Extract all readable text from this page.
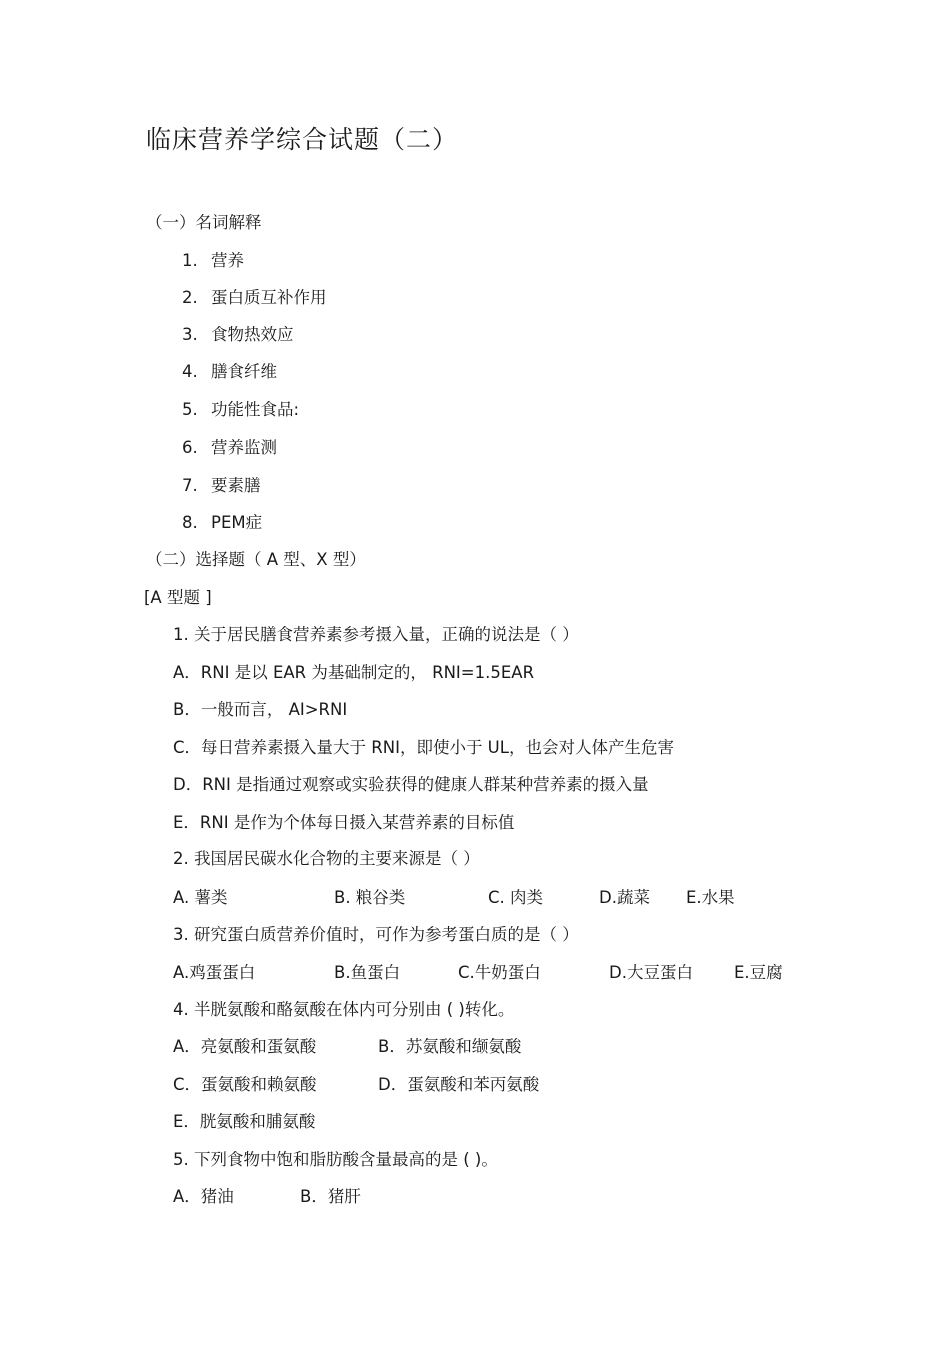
临床营养学综合试题（二）
（一）名词解释
1. 营养
2. 蛋白质互补作用
3. 食物热效应
4. 膳食纤维
5. 功能性食品:
6. 营养监测
7. 要素膳
8. PEM症
（二）选择题（ A 型、X 型）
[A 型题 ]
1. 关于居民膳食营养素参考摄入量，正确的说法是（ ）
A．RNI 是以 EAR 为基础制定的， RNI=1.5EAR
B．一般而言， AI>RNI
C．每日营养素摄入量大于 RNI，即使小于 UL，也会对人体产生危害
D．RNI 是指通过观察或实验获得的健康人群某种营养素的摄入量
E．RNI 是作为个体每日摄入某营养素的目标值
2. 我国居民碳水化合物的主要来源是（ ）
A. 薯类	B. 粮谷类	C. 肉类	D.蔬菜 E.水果
3. 研究蛋白质营养价值时，可作为参考蛋白质的是（ ）
A.鸡蛋蛋白	B.鱼蛋白	C.牛奶蛋白	D.大豆蛋白 E.豆腐
4. 半胱氨酸和酪氨酸在体内可分别由 ( )转化。
A．亮氨酸和蛋氨酸	B．苏氨酸和缬氨酸
C．蛋氨酸和赖氨酸	D．蛋氨酸和苯丙氨酸
E．胱氨酸和脯氨酸
5. 下列食物中饱和脂肪酸含量最高的是 ( )。
A．猪油	B．猪肝
